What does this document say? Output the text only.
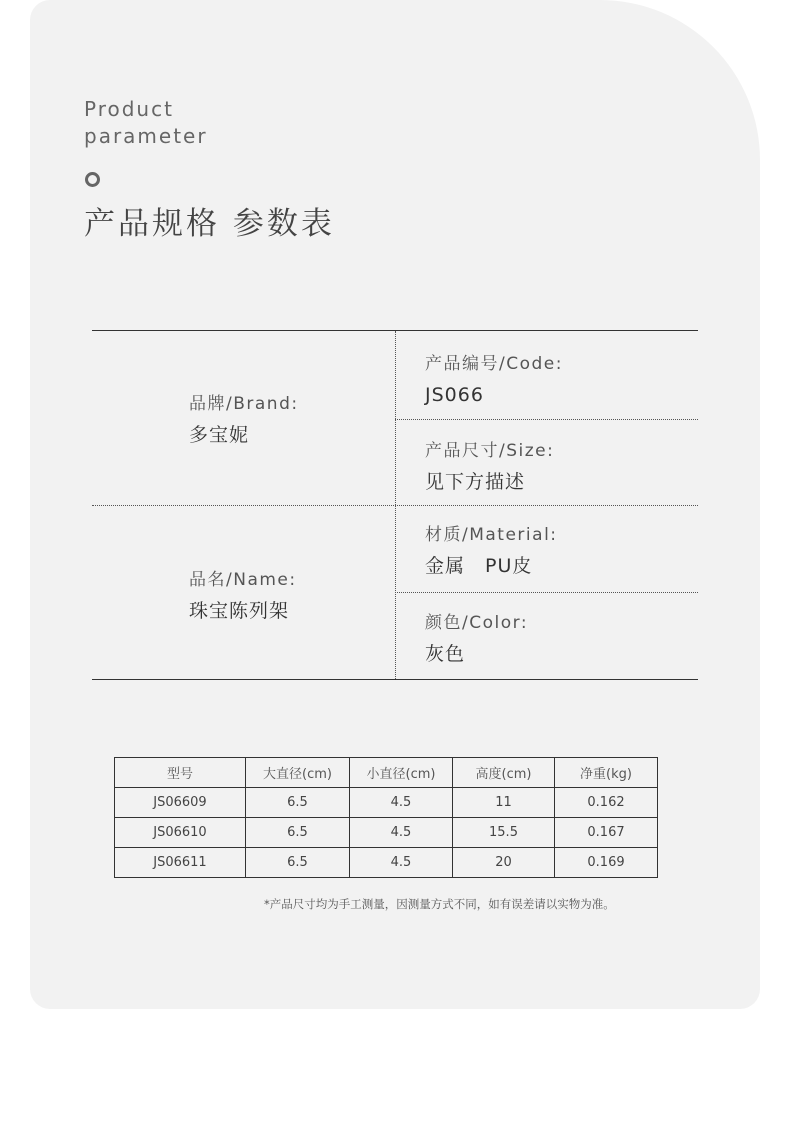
Product
parameter
产品规格 参数表
品牌/Brand:
多宝妮
品名/Name:
珠宝陈列架
产品编号/Code:
JS066
产品尺寸/Size:
见下方描述
材质/Material:
金属　PU皮
颜色/Color:
灰色
型号	大直径(cm)	小直径(cm)	高度(cm)	净重(kg)
JS06609	6.5	4.5	11	0.162
JS06610	6.5	4.5	15.5	0.167
JS06611	6.5	4.5	20	0.169
*产品尺寸均为手工测量，因测量方式不同，如有误差请以实物为准。
